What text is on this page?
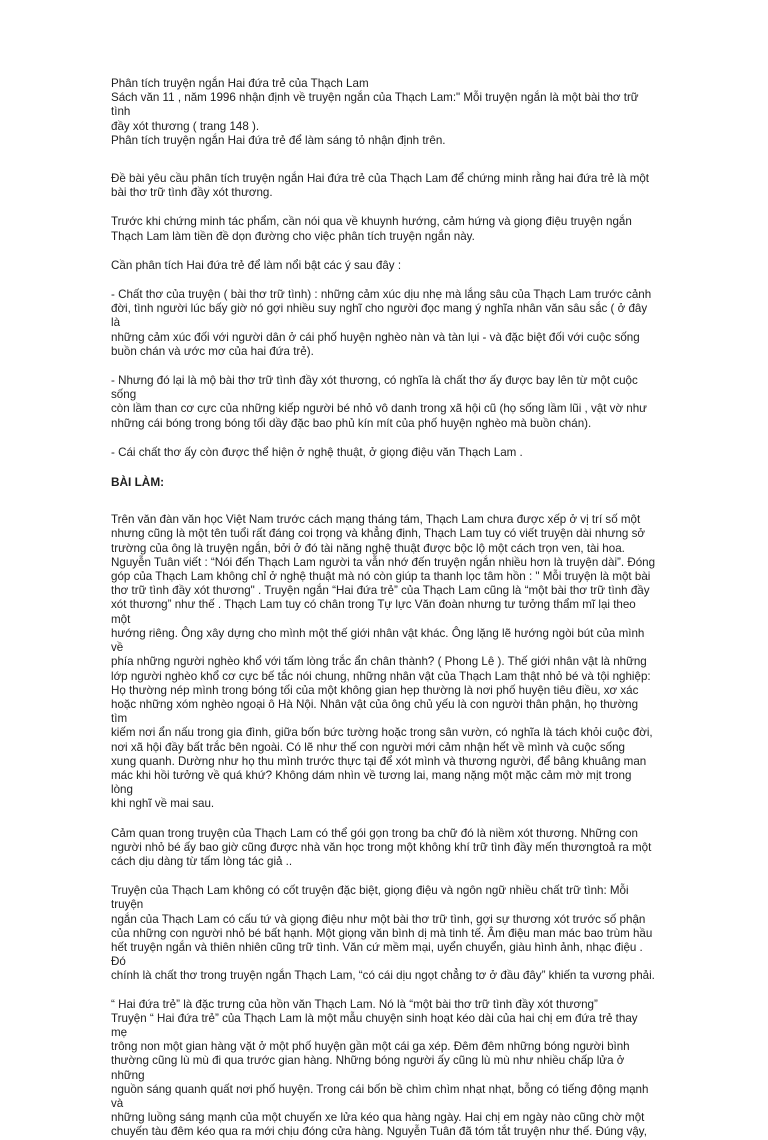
Phân tích truyện ngắn Hai đứa trẻ của Thạch Lam

Sách văn 11 , năm 1996 nhận định về truyện ngắn của Thạch Lam:" Mỗi truyện ngắn là một bài thơ trữ tình
đầy xót thương ( trang 148 ).

Phân tích truyện ngắn Hai đứa trẻ để làm sáng tỏ nhận định trên.

Đề bài yêu cầu phân tích truyện ngắn Hai đứa trẻ của Thạch Lam để chứng minh rằng hai đứa trẻ là một
bài thơ trữ tình đầy xót thương.

Trước khi chứng minh tác phẩm, cần nói qua về khuynh hướng, cảm hứng và giọng điệu truyện ngắn
Thạch Lam làm tiền đề dọn đường cho việc phân tích truyện ngắn này.

Cần phân tích Hai đứa trẻ để làm nổi bật các ý sau đây :

- Chất thơ của truyện ( bài thơ trữ tình) : những cảm xúc dịu nhẹ mà lắng sâu của Thạch Lam trước cảnh
đời, tình người lúc bấy giờ nó gợi nhiều suy nghĩ cho người đọc mang ý nghĩa nhân văn sâu sắc ( ở đây là
những cảm xúc đối với người dân ở cái phố huyện nghèo nàn và tàn lụi - và đặc biệt đối với cuộc sống
buồn chán và ước mơ của hai đứa trẻ).

- Nhưng đó lại là mộ bài thơ trữ tình đầy xót thương, có nghĩa là chất thơ ấy được bay lên từ một cuộc sống
còn lầm than cơ cực của những kiếp người bé nhỏ vô danh trong xã hội cũ (họ sống lầm lũi , vật vờ như
những cái bóng trong bóng tối dầy đặc bao phủ kín mít của phố huyện nghèo mà buồn chán).

- Cái chất thơ ấy còn được thể hiện ở nghệ thuật, ở giọng điệu văn Thạch Lam .

BÀI LÀM:

Trên văn đàn văn học Việt Nam trước cách mạng tháng tám, Thạch Lam chưa được xếp ở vị trí số một
nhưng cũng là một tên tuổi rất đáng coi trọng và khẳng định, Thạch Lam tuy có viết truyện dài nhưng sở
trường của ông là truyện ngắn, bởi ở đó tài năng nghệ thuật được bộc lộ một cách trọn ven, tài hoa.
Nguyễn Tuân viết : “Nói đến Thạch Lam người ta vẫn nhớ đến truyện ngắn nhiều hơn là truyện dài”. Đóng
góp của Thạch Lam không chỉ ở nghệ thuật mà nó còn giúp ta thanh lọc tâm hồn : " Mỗi truyện là một bài
thơ trữ tình đầy xót thương" . Truyện ngắn “Hai đứa trẻ” của Thạch Lam cũng là “một bài thơ trữ tình đầy
xót thương” như thế . Thạch Lam tuy có chân trong Tự lực Văn đoàn nhưng tư tưởng thẩm mĩ lại theo một
hướng riêng. Ông xây dựng cho mình một thế giới nhân vật khác. Ông lặng lẽ hướng ngòi bút của mình về
phía những người nghèo khổ với tấm lòng trắc ẩn chân thành? ( Phong Lê ). Thế giới nhân vật là những
lớp người nghèo khổ cơ cực bế tắc nói chung, những nhân vật của Thạch Lam thật nhỏ bé và tội nghiệp:
Họ thường nép mình trong bóng tối của một không gian hẹp thường là nơi phố huyện tiêu điều, xơ xác
hoặc những xóm nghèo ngoại ô Hà Nội. Nhân vật của ông chủ yếu là con người thân phận, họ thường tìm
kiếm nơi ẩn nấu trong gia đình, giữa bốn bức tường hoặc trong sân vườn, có nghĩa là tách khỏi cuộc đời,
nơi xã hội đầy bất trắc bên ngoài. Có lẽ như thế con người mới cảm nhận hết về mình và cuộc sống
xung quanh. Dường như họ thu mình trước thực tại để xót mình và thương người, để bâng khuâng man
mác khi hồi tưởng về quá khứ? Không dám nhìn về tương lai, mang nặng một mặc cảm mờ mịt trong lòng
khi nghĩ về mai sau.

Cảm quan trong truyện của Thạch Lam có thể gói gọn trong ba chữ đó là niềm xót thương. Những con
người nhỏ bé ấy bao giờ cũng được nhà văn học trong một không khí trữ tình đầy mến thươngtoả ra một
cách dịu dàng từ tấm lòng tác giả ..

Truyện của Thạch Lam không có cốt truyện đặc biệt, giọng điệu và ngôn ngữ nhiều chất trữ tình: Mỗi truyện
ngắn của Thạch Lam có cấu tứ và giọng điệu như một bài thơ trữ tình, gợi sự thương xót trước số phận
của những con người nhỏ bé bất hạnh. Một giọng văn bình dị mà tinh tế. Âm điệu man mác bao trùm hầu
hết truyện ngắn và thiên nhiên cũng trữ tình. Văn cứ mềm mại, uyển chuyển, giàu hình ảnh, nhạc điệu . Đó
chính là chất thơ trong truyện ngắn Thạch Lam, “có cái dịu ngọt chẳng tơ ở đầu đây” khiến ta vương phải.

“ Hai đứa trẻ” là đặc trưng của hồn văn Thạch Lam. Nó là “một bài thơ trữ tình đầy xót thương”
Truyện “ Hai đứa trẻ” của Thạch Lam là một mẫu chuyện sinh hoạt kéo dài của hai chị em đứa trẻ thay mẹ
trông non một gian hàng vặt ở một phố huyện gần một cái ga xép. Đêm đêm những bóng người bình
thường cũng lù mù đi qua trước gian hàng. Những bóng người ấy cũng lù mù như nhiều chấp lửa ở những
nguồn sáng quanh quất nơi phố huyện. Trong cái bốn bề chìm chìm nhạt nhạt, bỗng có tiếng động mạnh và
những luồng sáng mạnh của một chuyến xe lửa kéo qua hàng ngày. Hai chị em ngày nào cũng chờ một
chuyến tàu đêm kéo qua ra mới chịu đóng cửa hàng. Nguyễn Tuân đã tóm tắt truyện như thế. Đúng vậy,
